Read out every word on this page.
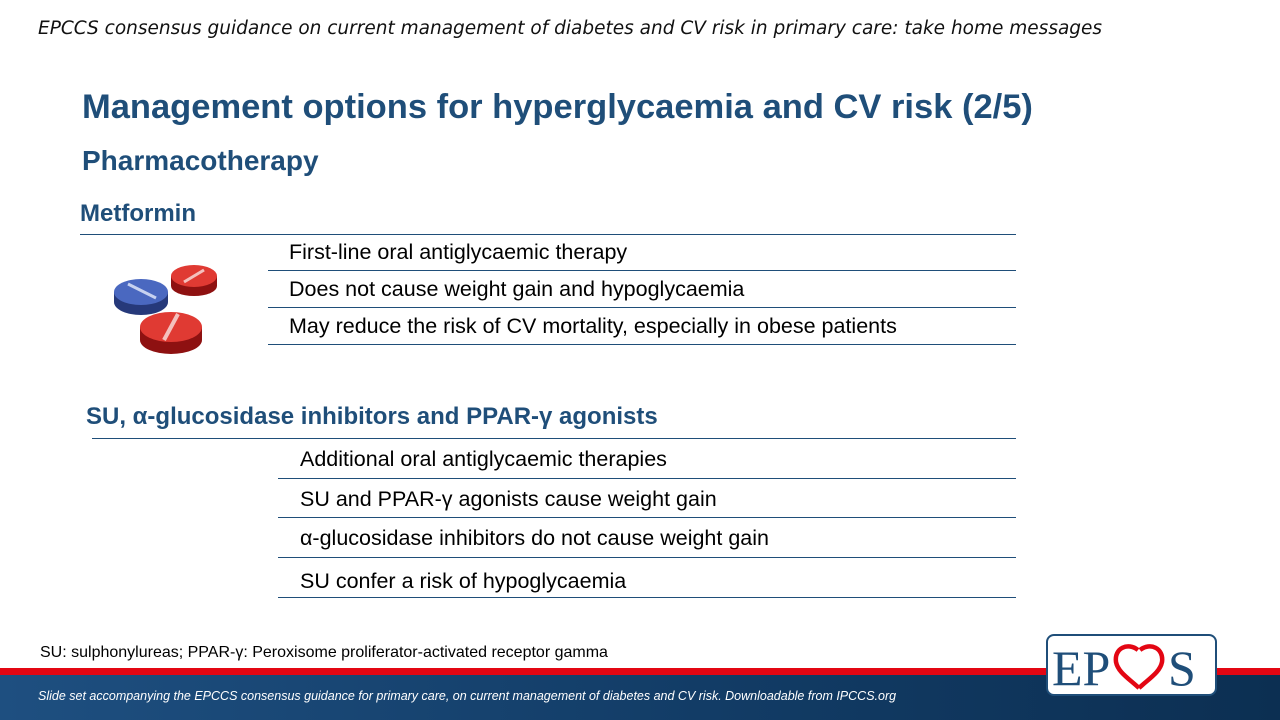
EPCCS consensus guidance on current management of diabetes and CV risk in primary care: take home messages
Management options for hyperglycaemia and CV risk (2/5)
Pharmacotherapy
Metformin
First-line oral antiglycaemic therapy
Does not cause weight gain and hypoglycaemia
May reduce the risk of CV mortality, especially in obese patients
SU, α-glucosidase inhibitors and PPAR-γ agonists
Additional oral antiglycaemic therapies
SU and PPAR-γ agonists cause weight gain
α-glucosidase inhibitors do not cause weight gain
SU confer a risk of hypoglycaemia
SU: sulphonylureas; PPAR-γ: Peroxisome proliferator-activated receptor gamma
Slide set accompanying the EPCCS consensus guidance for primary care, on current management of diabetes and CV risk. Downloadable from IPCCS.org	EP S
